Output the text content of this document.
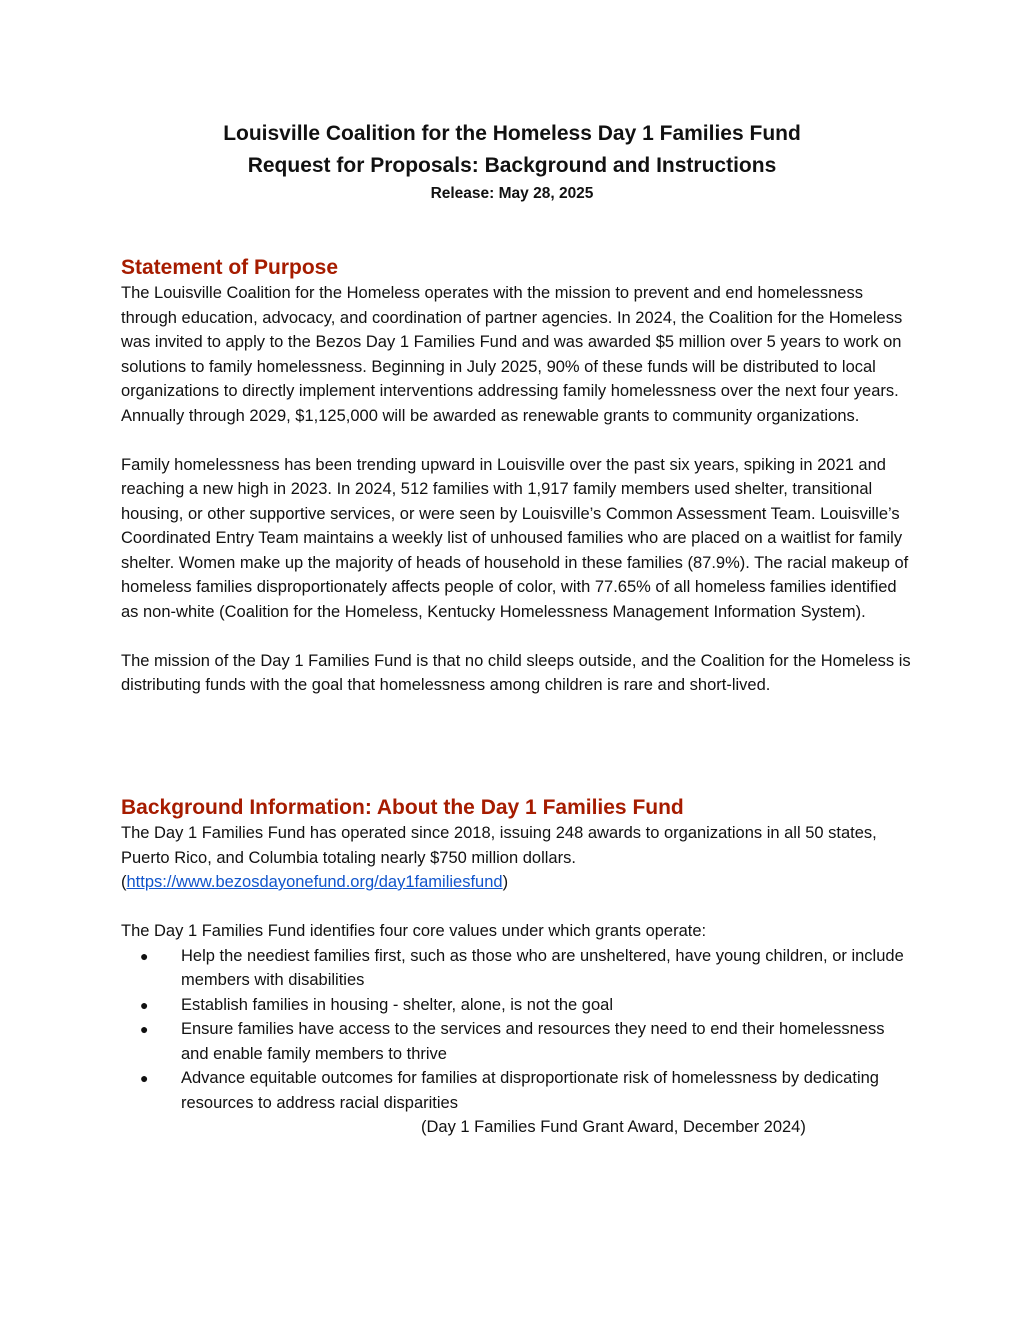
Louisville Coalition for the Homeless Day 1 Families Fund
Request for Proposals: Background and Instructions
Release: May 28, 2025
Statement of Purpose

The Louisville Coalition for the Homeless operates with the mission to prevent and end homelessness through education, advocacy, and coordination of partner agencies. In 2024, the Coalition for the Homeless was invited to apply to the Bezos Day 1 Families Fund and was awarded $5 million over 5 years to work on solutions to family homelessness. Beginning in July 2025, 90% of these funds will be distributed to local organizations to directly implement interventions addressing family homelessness over the next four years. Annually through 2029, $1,125,000 will be awarded as renewable grants to community organizations.

Family homelessness has been trending upward in Louisville over the past six years, spiking in 2021 and reaching a new high in 2023. In 2024, 512 families with 1,917 family members used shelter, transitional housing, or other supportive services, or were seen by Louisville’s Common Assessment Team. Louisville’s Coordinated Entry Team maintains a weekly list of unhoused families who are placed on a waitlist for family shelter. Women make up the majority of heads of household in these families (87.9%). The racial makeup of homeless families disproportionately affects people of color, with 77.65% of all homeless families identified as non-white (Coalition for the Homeless, Kentucky Homelessness Management Information System).

The mission of the Day 1 Families Fund is that no child sleeps outside, and the Coalition for the Homeless is distributing funds with the goal that homelessness among children is rare and short-lived.

Background Information: About the Day 1 Families Fund

The Day 1 Families Fund has operated since 2018, issuing 248 awards to organizations in all 50 states, Puerto Rico, and Columbia totaling nearly $750 million dollars.
(https://www.bezosdayonefund.org/day1familiesfund)

The Day 1 Families Fund identifies four core values under which grants operate:

● Help the neediest families first, such as those who are unsheltered, have young children, or include members with disabilities
● Establish families in housing - shelter, alone, is not the goal
● Ensure families have access to the services and resources they need to end their homelessness and enable family members to thrive
● Advance equitable outcomes for families at disproportionate risk of homelessness by dedicating resources to address racial disparities
(Day 1 Families Fund Grant Award, December 2024)
